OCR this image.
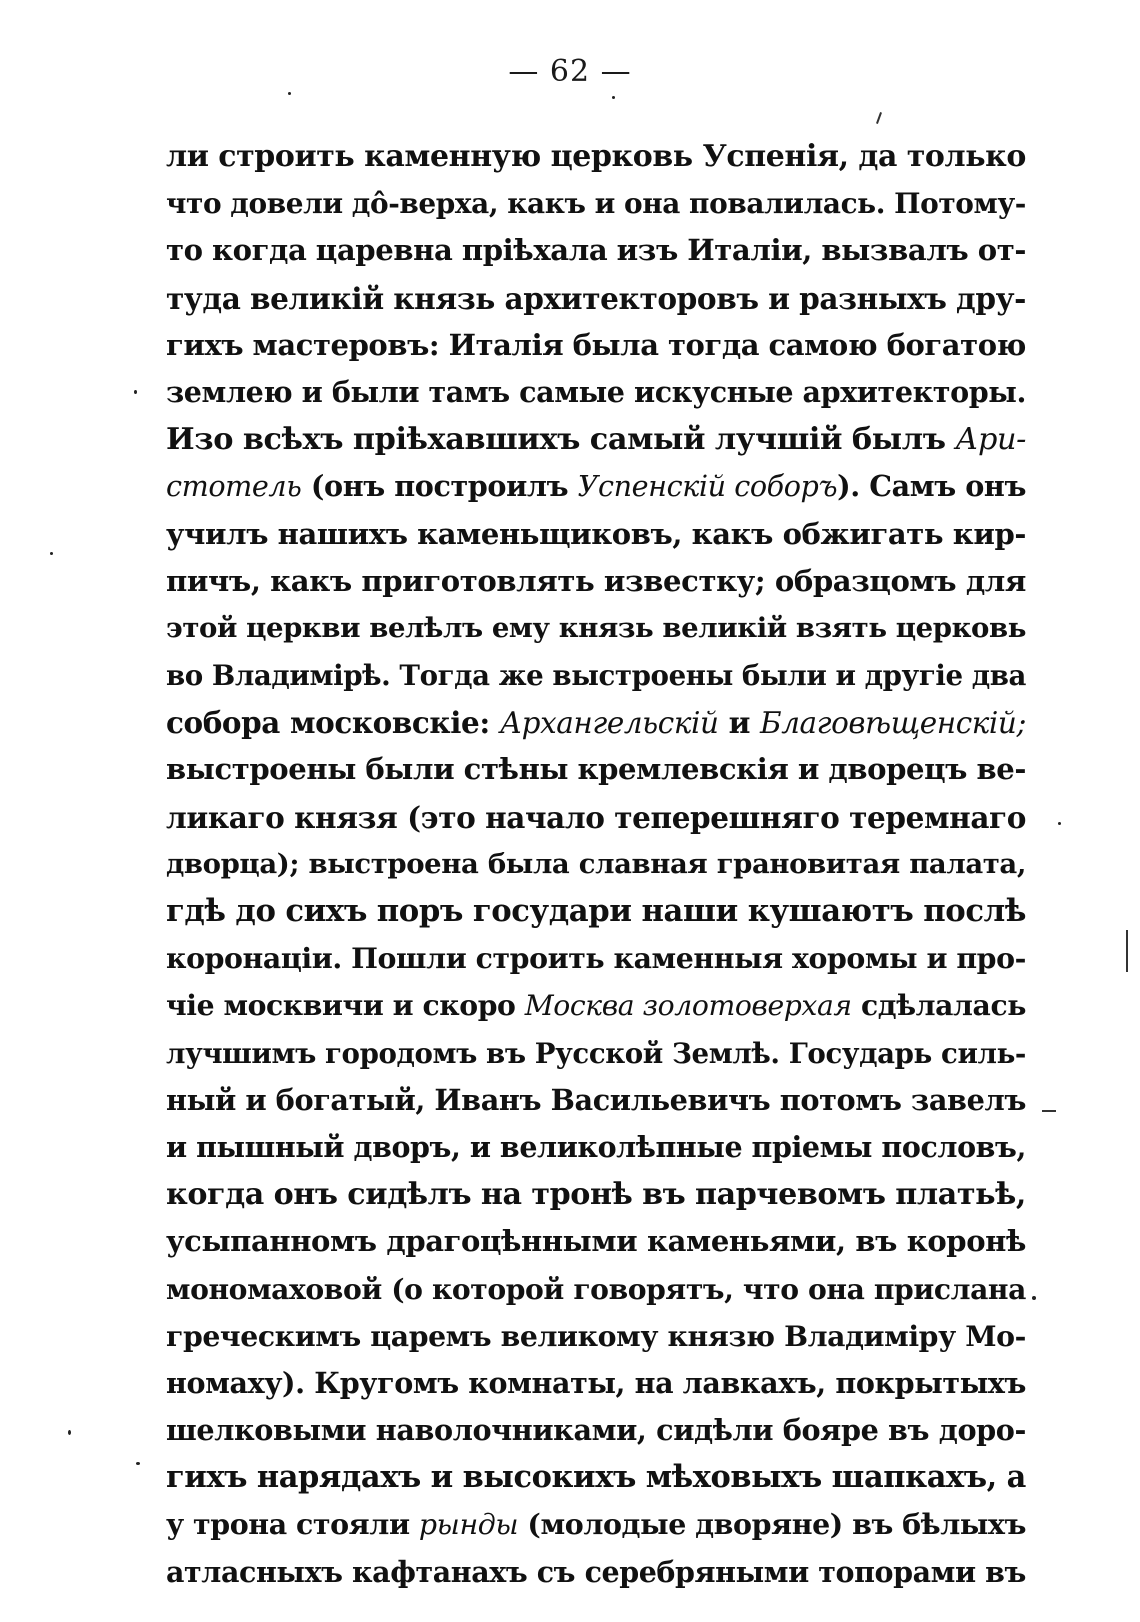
— 62 —
ли строить каменную церковь Успенія, да только
что довели дô-верха, какъ и она повалилась. Потому-
то когда царевна пріѣхала изъ Италіи, вызвалъ от-
туда великій князь архитекторовъ и разныхъ дру-
гихъ мастеровъ: Италія была тогда самою богатою
землею и были тамъ самые искусные архитекторы.
Изо всѣхъ пріѣхавшихъ самый лучшій былъ Ари-
стотель (онъ построилъ Успенскій соборъ). Самъ онъ
училъ нашихъ каменьщиковъ, какъ обжигать кир-
пичъ, какъ приготовлять известку; образцомъ для
этой церкви велѣлъ ему князь великій взять церковь
во Владимірѣ. Тогда же выстроены были и другіе два
собора московскіе: Архангельскій и Благовѣщенскій;
выстроены были стѣны кремлевскія и дворецъ ве-
ликаго князя (это начало теперешняго теремнаго
дворца); выстроена была славная грановитая палата,
гдѣ до сихъ поръ государи наши кушаютъ послѣ
коронаціи. Пошли строить каменныя хоромы и про-
чіе москвичи и скоро Москва золотоверхая сдѣлалась
лучшимъ городомъ въ Русской Землѣ. Государь силь-
ный и богатый, Иванъ Васильевичъ потомъ завелъ
и пышный дворъ, и великолѣпные пріемы пословъ,
когда онъ сидѣлъ на тронѣ въ парчевомъ платьѣ,
усыпанномъ драгоцѣнными каменьями, въ коронѣ
мономаховой (о которой говорятъ, что она прислана
греческимъ царемъ великому князю Владиміру Мо-
номаху). Кругомъ комнаты, на лавкахъ, покрытыхъ
шелковыми наволочниками, сидѣли бояре въ доро-
гихъ нарядахъ и высокихъ мѣховыхъ шапкахъ, а
у трона стояли рынды (молодые дворяне) въ бѣлыхъ
атласныхъ кафтанахъ съ серебряными топорами въ
